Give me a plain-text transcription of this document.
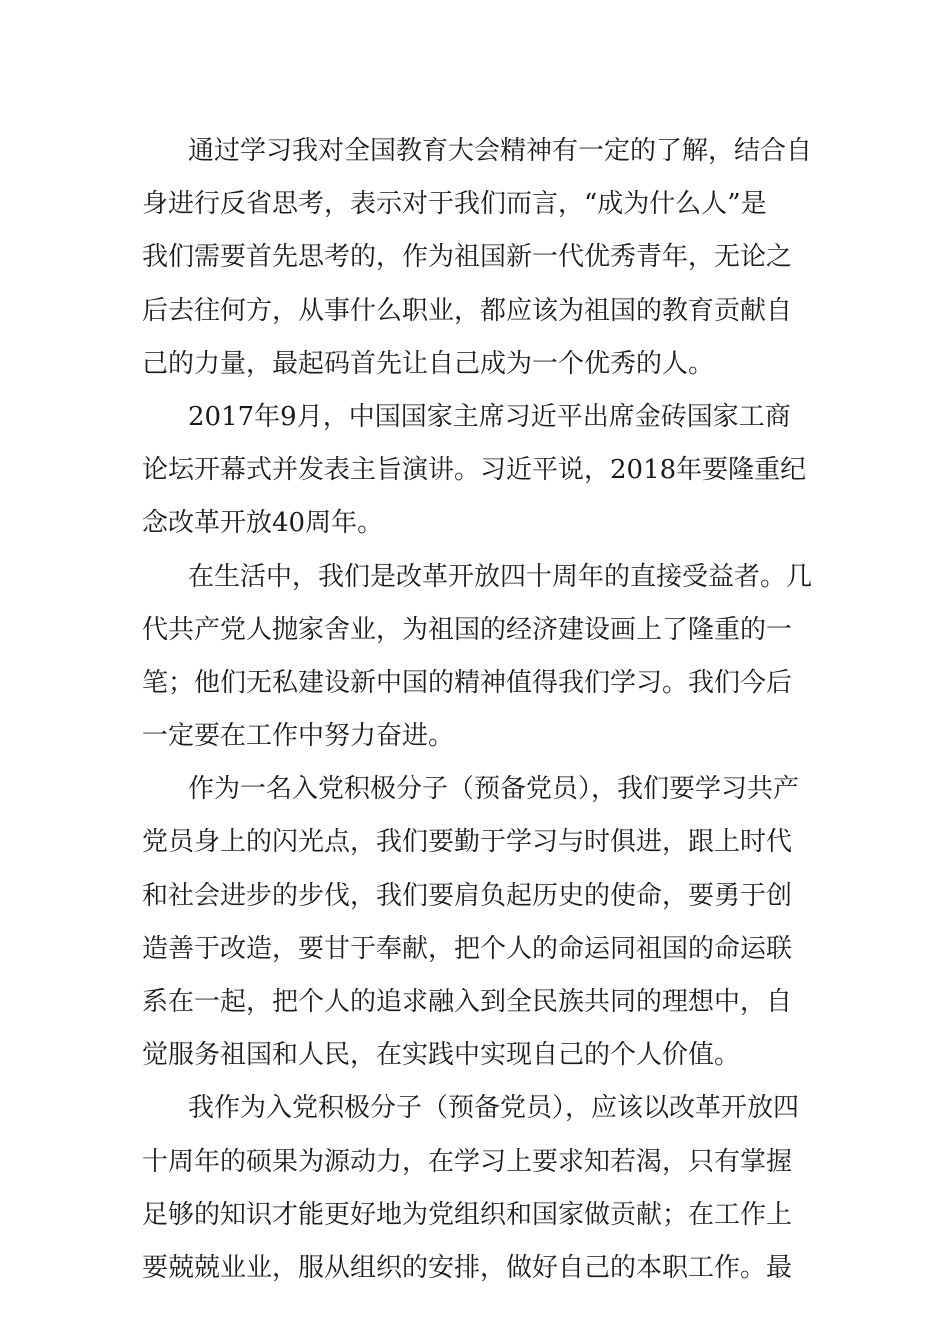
通过学习我对全国教育大会精神有一定的了解，结合自
身进行反省思考，表示对于我们而言，“成为什么人”是
我们需要首先思考的，作为祖国新一代优秀青年，无论之
后去往何方，从事什么职业，都应该为祖国的教育贡献自
己的力量，最起码首先让自己成为一个优秀的人。
2017年9月，中国国家主席习近平出席金砖国家工商
论坛开幕式并发表主旨演讲。习近平说，2018年要隆重纪
念改革开放40周年。
在生活中，我们是改革开放四十周年的直接受益者。几
代共产党人抛家舍业，为祖国的经济建设画上了隆重的一
笔；他们无私建设新中国的精神值得我们学习。我们今后
一定要在工作中努力奋进。
作为一名入党积极分子（预备党员），我们要学习共产
党员身上的闪光点，我们要勤于学习与时俱进，跟上时代
和社会进步的步伐，我们要肩负起历史的使命，要勇于创
造善于改造，要甘于奉献，把个人的命运同祖国的命运联
系在一起，把个人的追求融入到全民族共同的理想中，自
觉服务祖国和人民，在实践中实现自己的个人价值。
我作为入党积极分子（预备党员），应该以改革开放四
十周年的硕果为源动力，在学习上要求知若渴，只有掌握
足够的知识才能更好地为党组织和国家做贡献；在工作上
要兢兢业业，服从组织的安排，做好自己的本职工作。最
